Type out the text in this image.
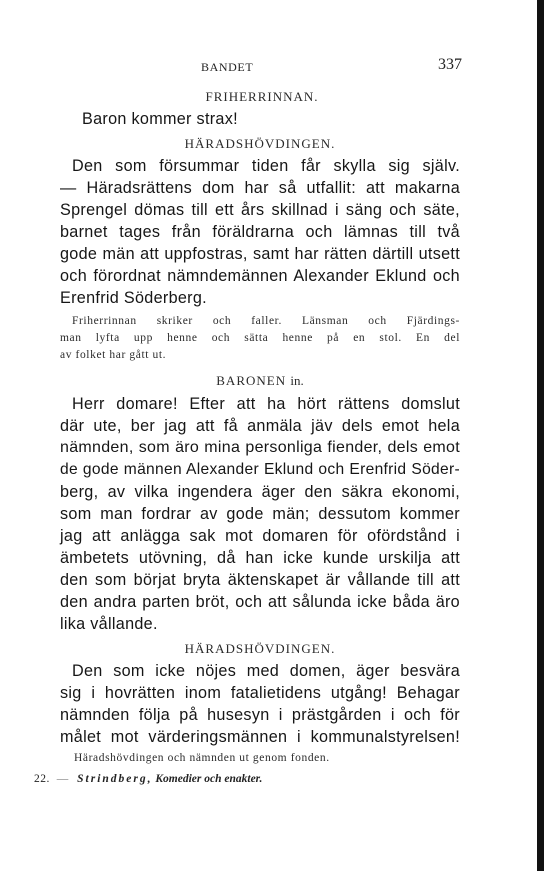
BANDET	337

FRIHERRINNAN.

Baron kommer strax!

HÄRADSHÖVDINGEN.

Den som försummar tiden får skylla sig själv.
— Häradsrättens dom har så utfallit: att makarna
Sprengel dömas till ett års skillnad i säng och säte,
barnet tages från föräldrarna och lämnas till två
gode män att uppfostras, samt har rätten därtill utsett
och förordnat nämndemännen Alexander Eklund och
Erenfrid Söderberg.

Friherrinnan skriker och faller. Länsman och Fjärdings-
man lyfta upp henne och sätta henne på en stol. En del
av folket har gått ut.

BARONEN in.

Herr domare! Efter att ha hört rättens domslut
där ute, ber jag att få anmäla jäv dels emot hela
nämnden, som äro mina personliga fiender, dels emot
de gode männen Alexander Eklund och Erenfrid Söder-
berg, av vilka ingendera äger den säkra ekonomi,
som man fordrar av gode män; dessutom kommer
jag att anlägga sak mot domaren för ofördstånd i
ämbetets utövning, då han icke kunde urskilja att
den som börjat bryta äktenskapet är vållande till att
den andra parten bröt, och att sålunda icke båda äro
lika vållande.

HÄRADSHÖVDINGEN.

Den som icke nöjes med domen, äger besvära
sig i hovrätten inom fatalietidens utgång! Behagar
nämnden följa på husesyn i prästgården i och för
målet mot värderingsmännen i kommunalstyrelsen!

Häradshövdingen och nämnden ut genom fonden.

22. — Strindberg, Komedier och enakter.
